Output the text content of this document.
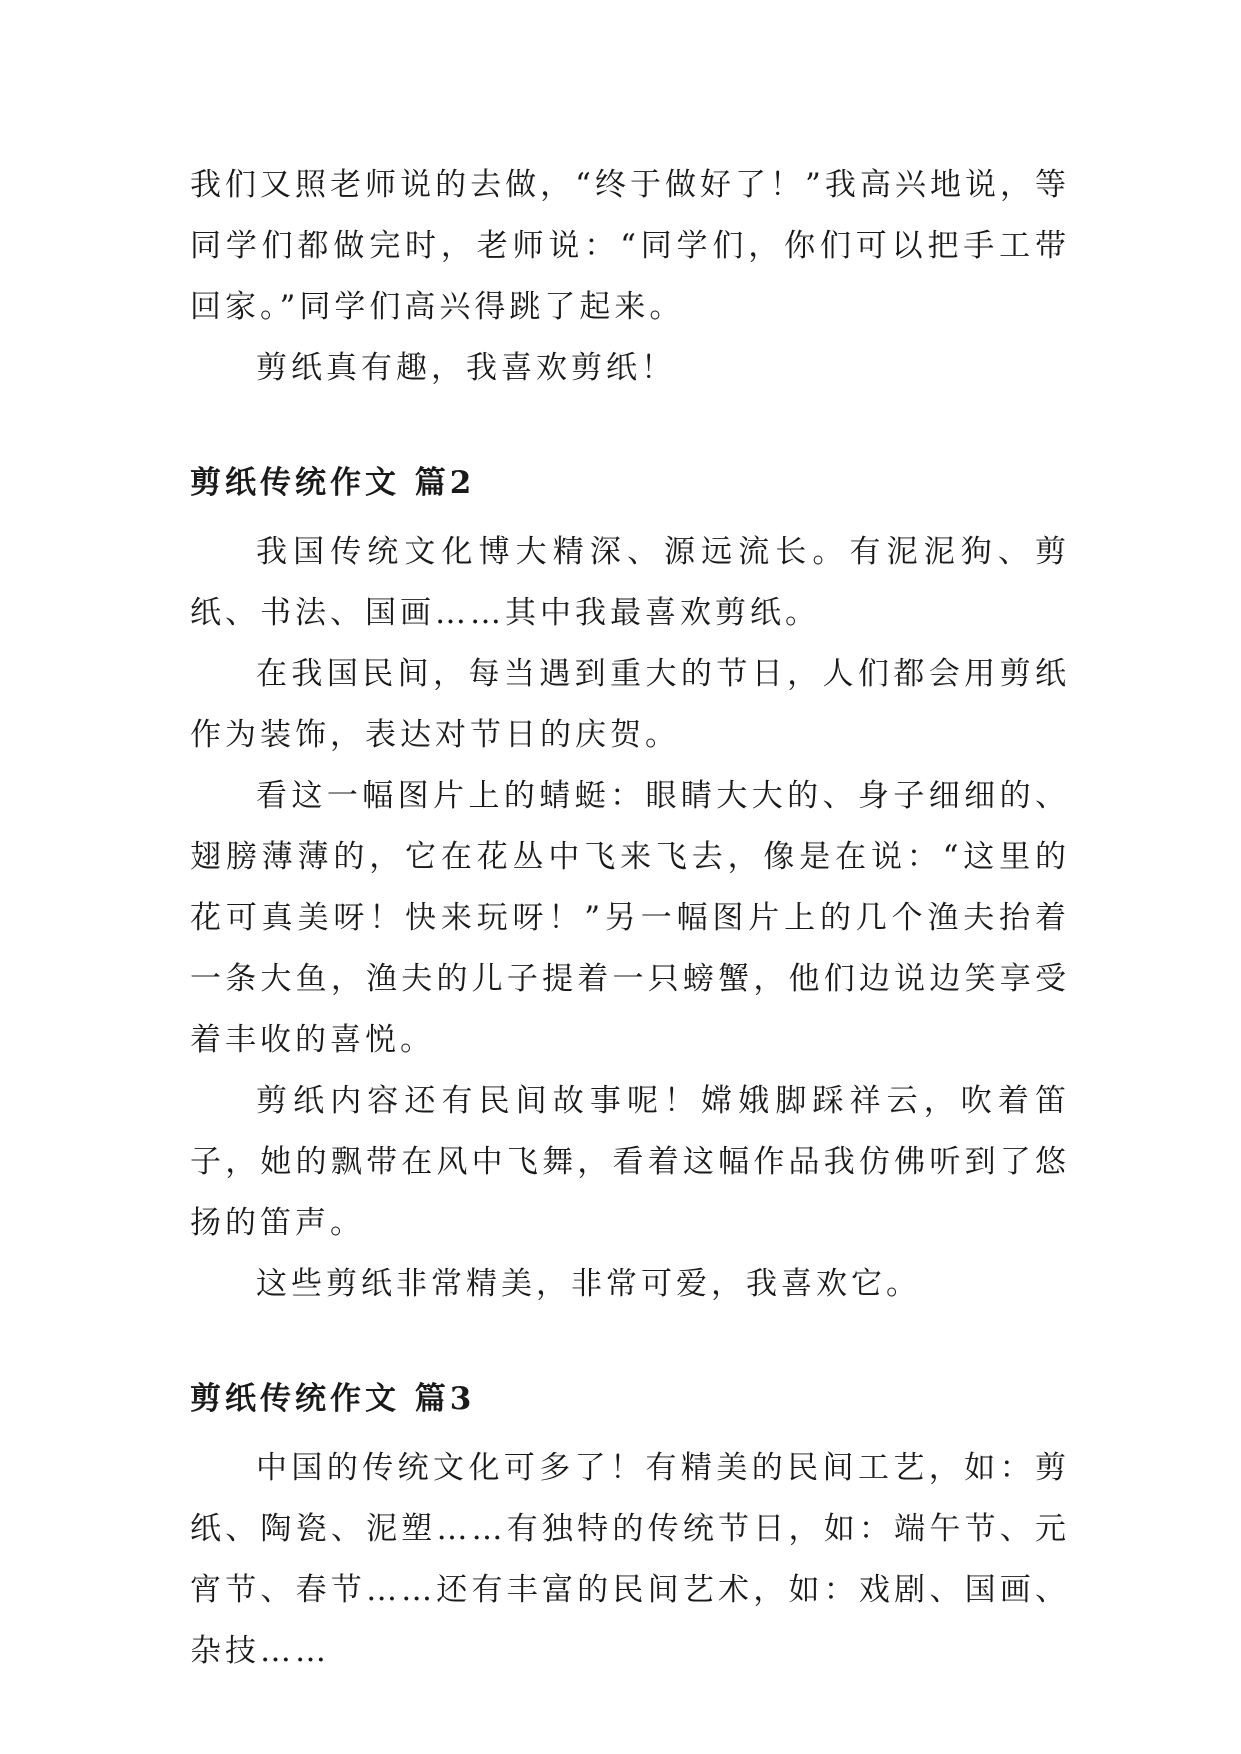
我们又照老师说的去做，“终于做好了！”我高兴地说，等同学们都做完时，老师说：“同学们，你们可以把手工带回家。”同学们高兴得跳了起来。

剪纸真有趣，我喜欢剪纸！

剪纸传统作文 篇2

我国传统文化博大精深、源远流长。有泥泥狗、剪纸、书法、国画……其中我最喜欢剪纸。

在我国民间，每当遇到重大的节日，人们都会用剪纸作为装饰，表达对节日的庆贺。

看这一幅图片上的蜻蜓：眼睛大大的、身子细细的、翅膀薄薄的，它在花丛中飞来飞去，像是在说：“这里的花可真美呀！快来玩呀！”另一幅图片上的几个渔夫抬着一条大鱼，渔夫的儿子提着一只螃蟹，他们边说边笑享受着丰收的喜悦。

剪纸内容还有民间故事呢！嫦娥脚踩祥云，吹着笛子，她的飘带在风中飞舞，看着这幅作品我仿佛听到了悠扬的笛声。

这些剪纸非常精美，非常可爱，我喜欢它。

剪纸传统作文 篇3

中国的传统文化可多了！有精美的民间工艺，如：剪纸、陶瓷、泥塑……有独特的传统节日，如：端午节、元宵节、春节……还有丰富的民间艺术，如：戏剧、国画、杂技……
